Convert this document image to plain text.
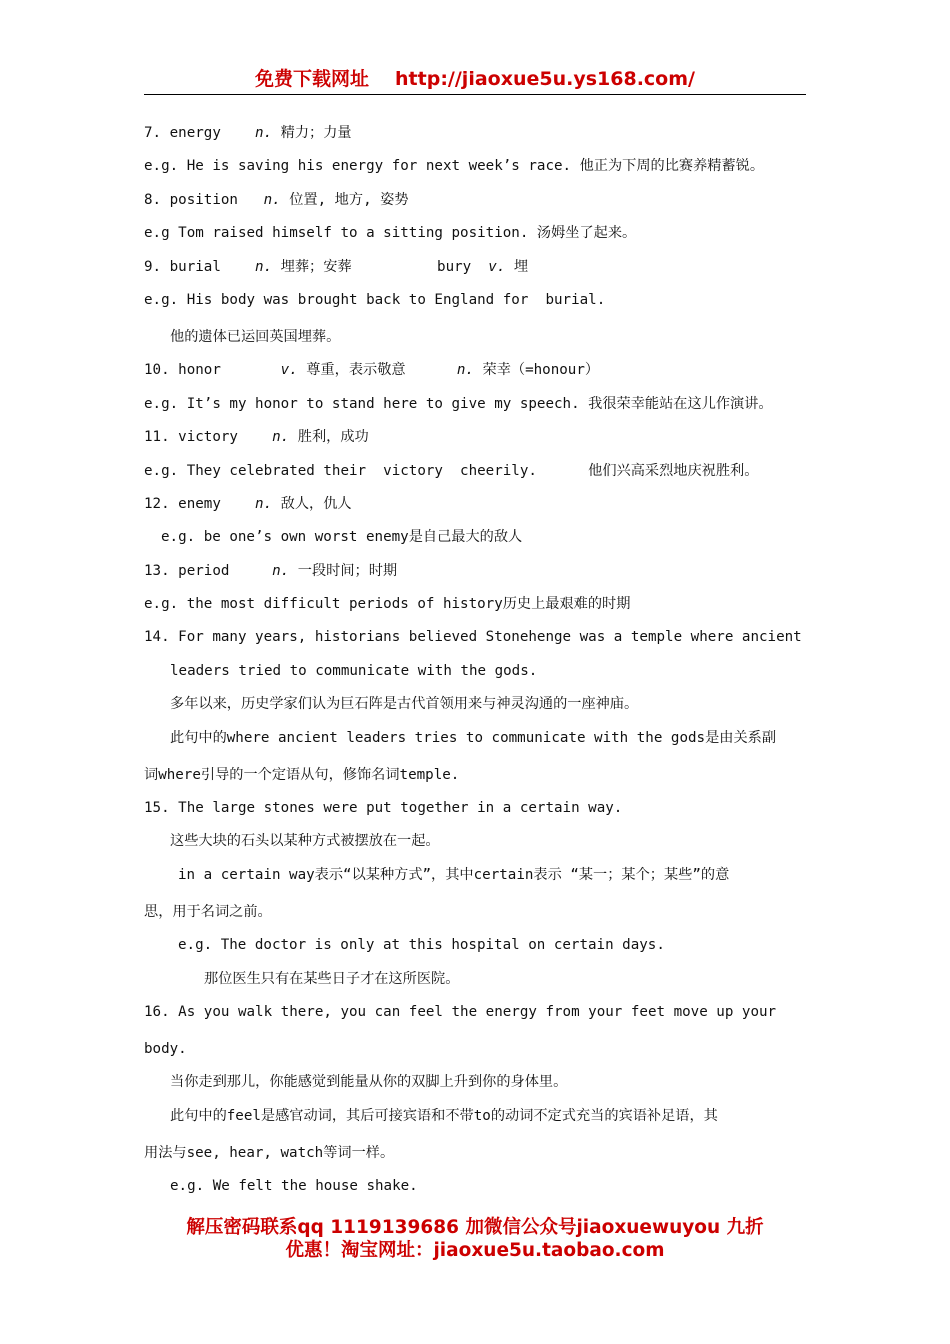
免费下载网址 http://jiaoxue5u.ys168.com/
7. energy    n. 精力；力量
e.g. He is saving his energy for next week’s race. 他正为下周的比赛养精蓄锐。
8. position   n. 位置, 地方, 姿势
e.g Tom raised himself to a sitting position. 汤姆坐了起来。
9. burial    n. 埋葬；安葬          bury  v. 埋
e.g. His body was brought back to England for  burial.
他的遗体已运回英国埋葬。
10. honor       v. 尊重，表示敬意      n. 荣幸（=honour）
e.g. It’s my honor to stand here to give my speech. 我很荣幸能站在这儿作演讲。
11. victory    n. 胜利，成功
e.g. They celebrated their  victory  cheerily.      他们兴高采烈地庆祝胜利。
12. enemy    n. 敌人，仇人
e.g. be one’s own worst enemy是自己最大的敌人
13. period     n. 一段时间；时期
e.g. the most difficult periods of history历史上最艰难的时期
14. For many years, historians believed Stonehenge was a temple where ancient
leaders tried to communicate with the gods.
多年以来，历史学家们认为巨石阵是古代首领用来与神灵沟通的一座神庙。
此句中的where ancient leaders tries to communicate with the gods是由关系副
词where引导的一个定语从句，修饰名词temple.
15. The large stones were put together in a certain way.
这些大块的石头以某种方式被摆放在一起。
in a certain way表示“以某种方式”，其中certain表示 “某一；某个；某些”的意
思，用于名词之前。
e.g. The doctor is only at this hospital on certain days.
那位医生只有在某些日子才在这所医院。
16. As you walk there, you can feel the energy from your feet move up your
body.
当你走到那儿，你能感觉到能量从你的双脚上升到你的身体里。
此句中的feel是感官动词，其后可接宾语和不带to的动词不定式充当的宾语补足语，其
用法与see, hear, watch等词一样。
e.g. We felt the house shake.
解压密码联系qq 1119139686 加微信公众号jiaoxuewuyou 九折
优惠！淘宝网址：jiaoxue5u.taobao.com
